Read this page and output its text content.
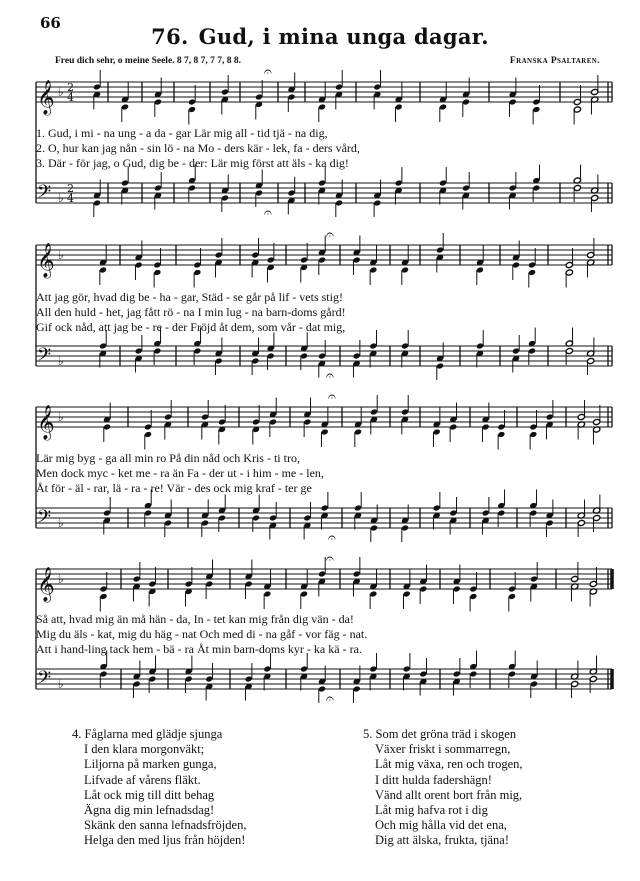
66
76. Gud, i mina unga dagar.
Freu dich sehr, o meine Seele. 8 7, 8 7, 7 7, 8 8.	Franska Psaltaren.
𝄞 ♭ 2
4
𝄢 ♭
2
4
𝄐
𝄐
𝄞 ♭
𝄢 ♭
𝄐
𝄐
𝄞 ♭
𝄢 ♭
𝄐
𝄐
𝄞 ♭
𝄢 ♭
𝄐
𝄐
1. Gud, i mi - na ung - a da - gar Lär mig all - tid tjä - na dig,
2. O, hur kan jag nån - sin lö - na Mo - ders kär - lek, fa - ders vård,
3. Där - för jag, o Gud, dig be - der: Lär mig först att äls - ka dig!
Att jag gör, hvad dig be - ha - gar, Städ - se går på lif - vets stig!
All den huld - het, jag fått rö - na I min lug - na barn-doms gård!
Gif ock nåd, att jag be - re - der Fröjd åt dem, som vår - dat mig,
Lär mig byg - ga all min ro På din nåd och Kris - ti tro,
Men dock myc - ket me - ra än Fa - der ut - i him - me - len,
Åt för - äl - rar, lä - ra - re! Vär - des ock mig kraf - ter ge
Så att, hvad mig än må hän - da, In - tet kan mig från dig vän - da!
Mig du äls - kat, mig du häg - nat Och med di - na gåf - vor fäg - nat.
Att i hand-ling tack hem - bä - ra Åt min barn-doms kyr - ka kä - ra.
4. Fåglarna med glädje sjunga
I den klara morgonväkt;
Liljorna på marken gunga,
Lifvade af vårens fläkt.
Låt ock mig till ditt behag
Ägna dig min lefnadsdag!
Skänk den sanna lefnadsfröjden,
Helga den med ljus från höjden!
5. Som det gröna träd i skogen
Växer friskt i sommarregn,
Låt mig växa, ren och trogen,
I ditt hulda fadershägn!
Vänd allt orent bort från mig,
Låt mig hafva rot i dig
Och mig hålla vid det ena,
Dig att älska, frukta, tjäna!
